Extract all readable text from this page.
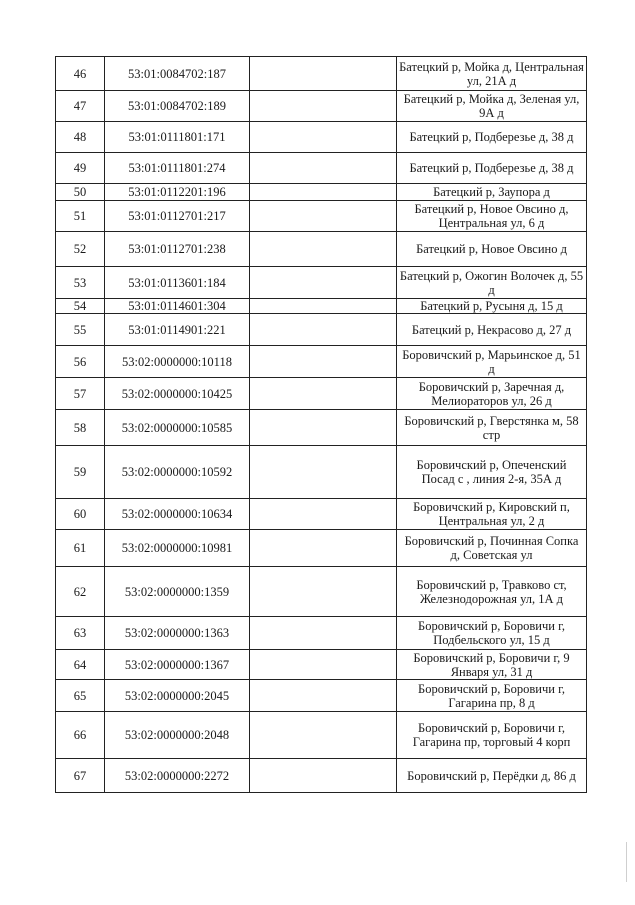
46	53:01:0084702:187		Батецкий р, Мойка д, Центральная ул, 21А д
47	53:01:0084702:189		Батецкий р, Мойка д, Зеленая ул, 9А д
48	53:01:0111801:171		Батецкий р, Подберезье д, 38 д
49	53:01:0111801:274		Батецкий р, Подберезье д, 38 д
50	53:01:0112201:196		Батецкий р, Заупора д
51	53:01:0112701:217		Батецкий р, Новое Овсино д, Центральная ул, 6 д
52	53:01:0112701:238		Батецкий р, Новое Овсино д
53	53:01:0113601:184		Батецкий р, Ожогин Волочек д, 55 д
54	53:01:0114601:304		Батецкий р, Русыня д, 15 д
55	53:01:0114901:221		Батецкий р, Некрасово д, 27 д
56	53:02:0000000:10118		Боровичский р, Марьинское д, 51 д
57	53:02:0000000:10425		Боровичский р, Заречная д, Мелиораторов ул, 26 д
58	53:02:0000000:10585		Боровичский р, Гверстянка м, 58 стр
59	53:02:0000000:10592		Боровичский р, Опеченский Посад с , линия 2-я, 35А д
60	53:02:0000000:10634		Боровичский р, Кировский п, Центральная ул, 2 д
61	53:02:0000000:10981		Боровичский р, Починная Сопка д, Советская ул
62	53:02:0000000:1359		Боровичский р, Травково ст, Железнодорожная ул, 1А д
63	53:02:0000000:1363		Боровичский р, Боровичи г, Подбельского ул, 15 д
64	53:02:0000000:1367		Боровичский р, Боровичи г, 9 Января ул, 31 д
65	53:02:0000000:2045		Боровичский р, Боровичи г, Гагарина пр, 8 д
66	53:02:0000000:2048		Боровичский р, Боровичи г, Гагарина пр, торговый 4 корп
67	53:02:0000000:2272		Боровичский р, Перёдки д, 86 д
